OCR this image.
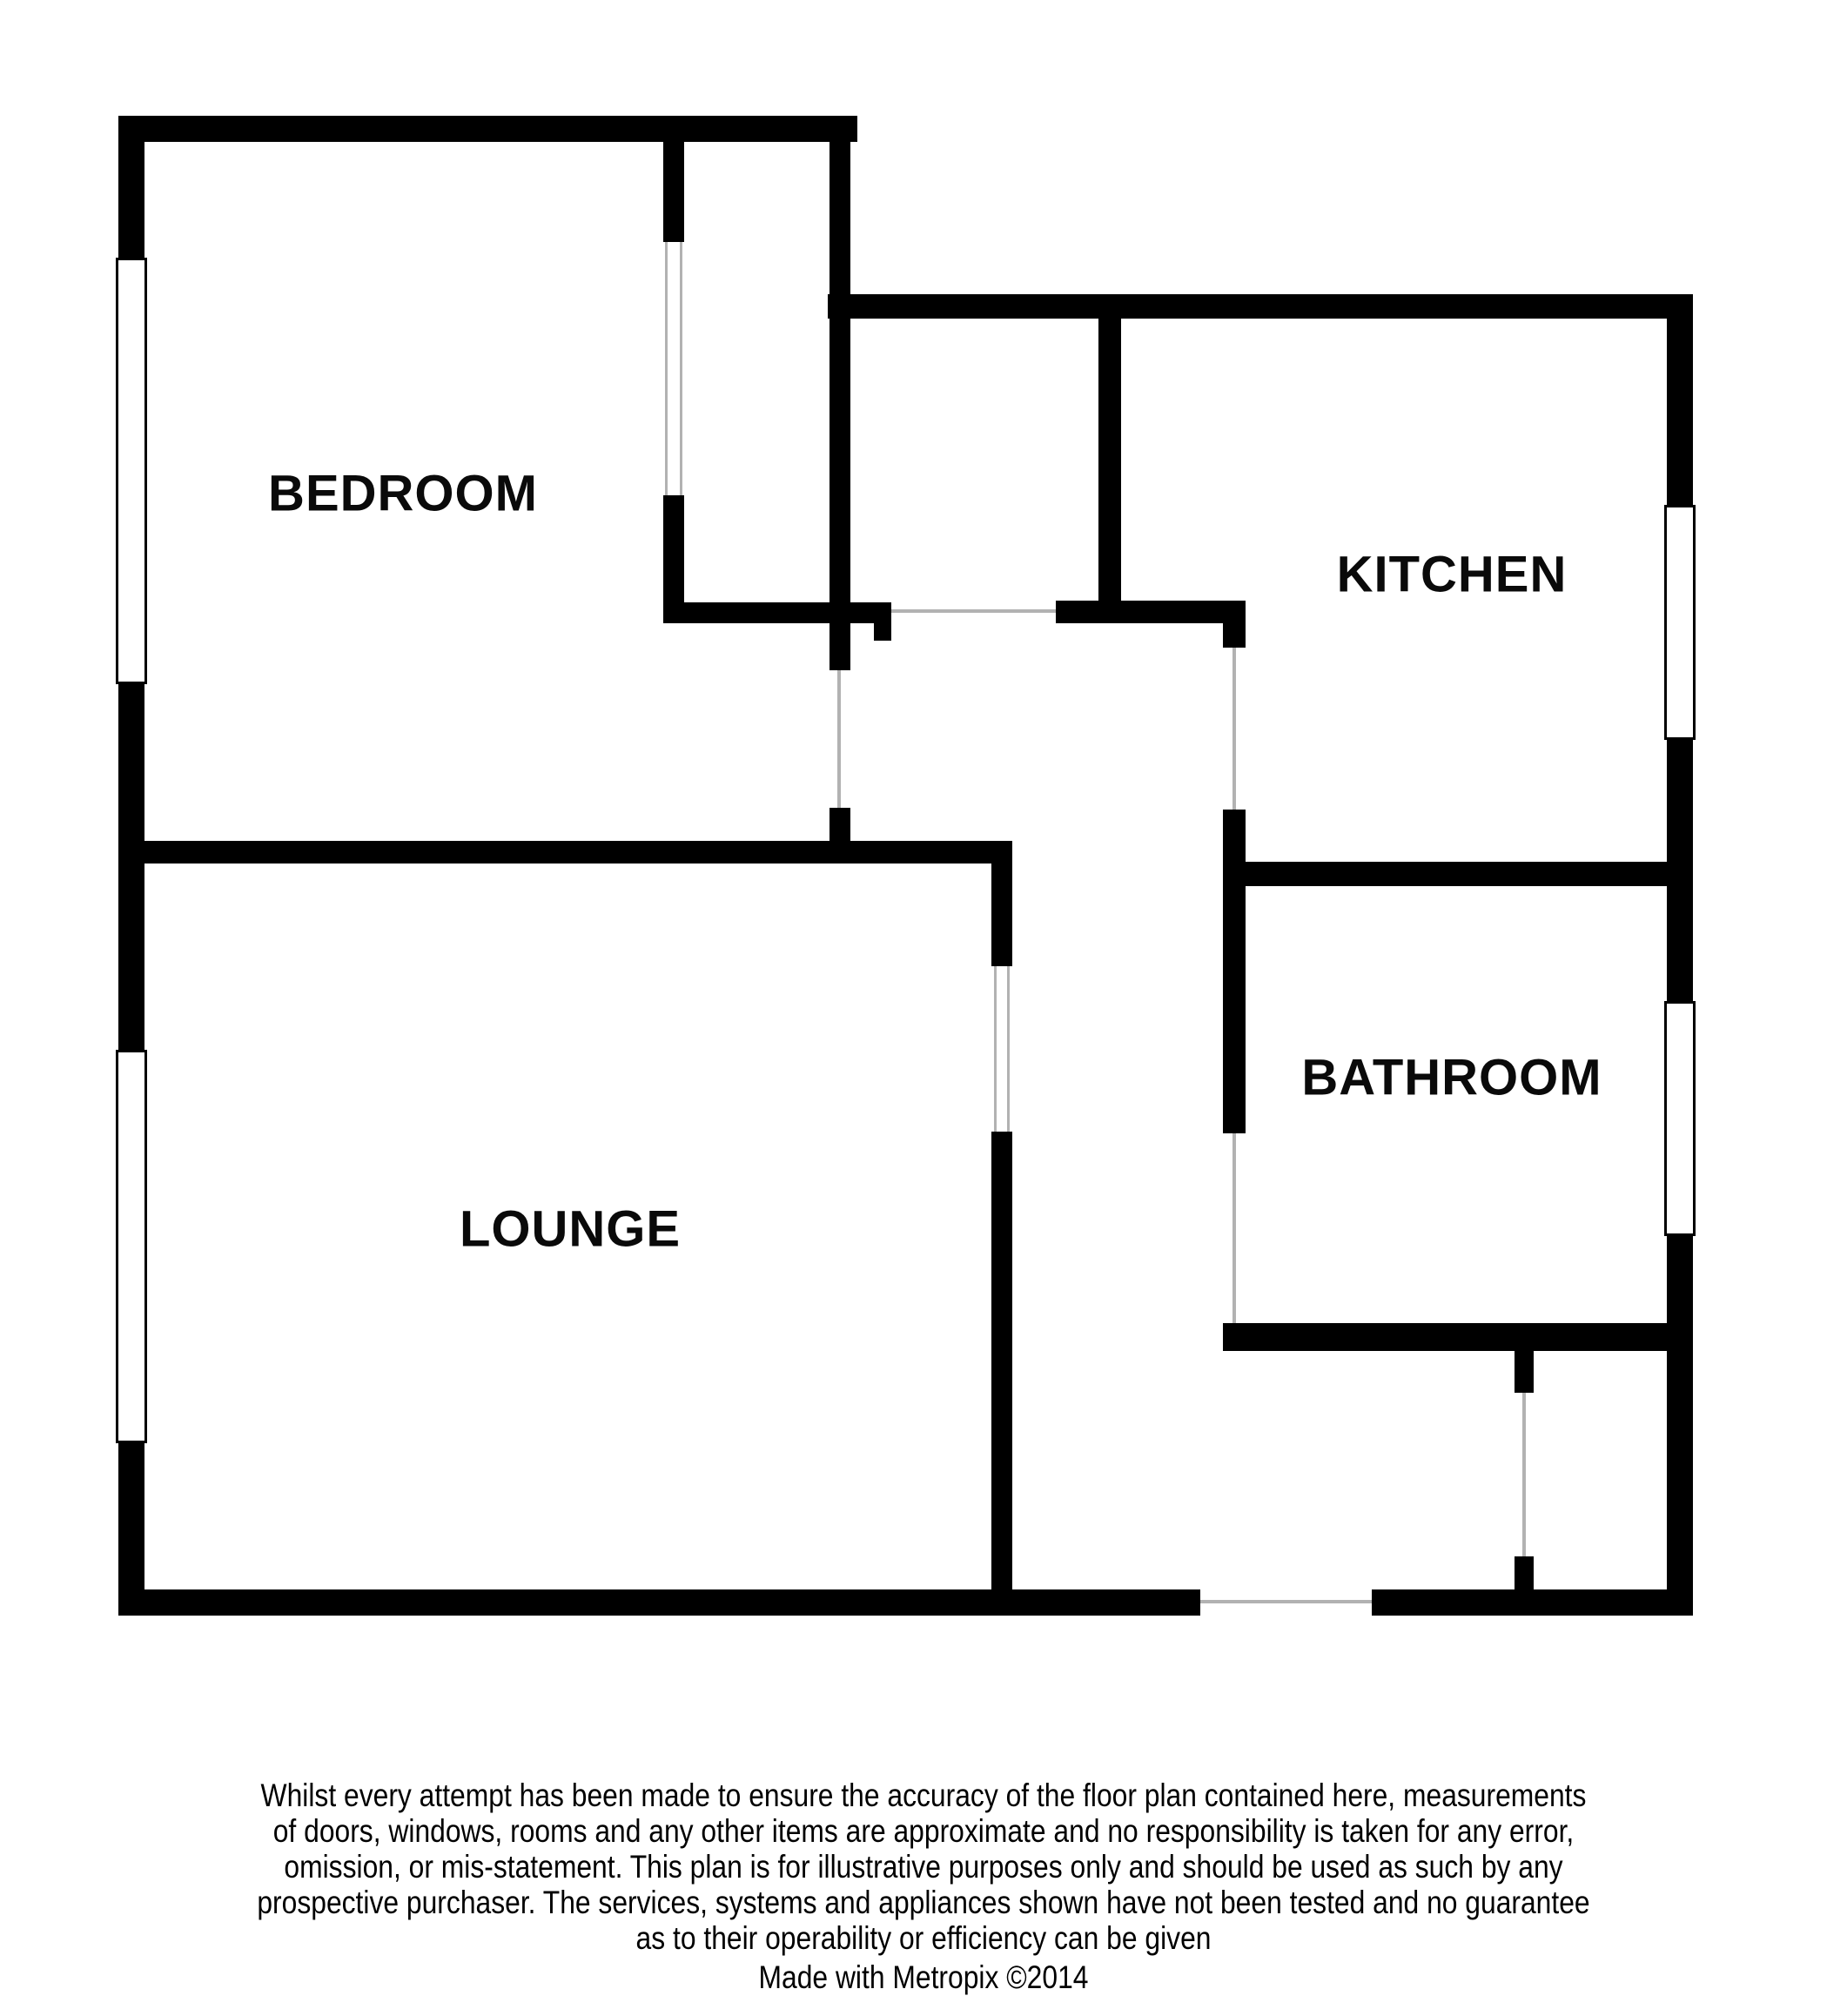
BEDROOM
KITCHEN
BATHROOM
LOUNGE
Whilst every attempt has been made to ensure the accuracy of the floor plan contained here, measurements
of doors, windows, rooms and any other items are approximate and no responsibility is taken for any error,
omission, or mis-statement. This plan is for illustrative purposes only and should be used as such by any
prospective purchaser. The services, systems and appliances shown have not been tested and no guarantee
as to their operability or efficiency can be given
Made with Metropix ©2014
